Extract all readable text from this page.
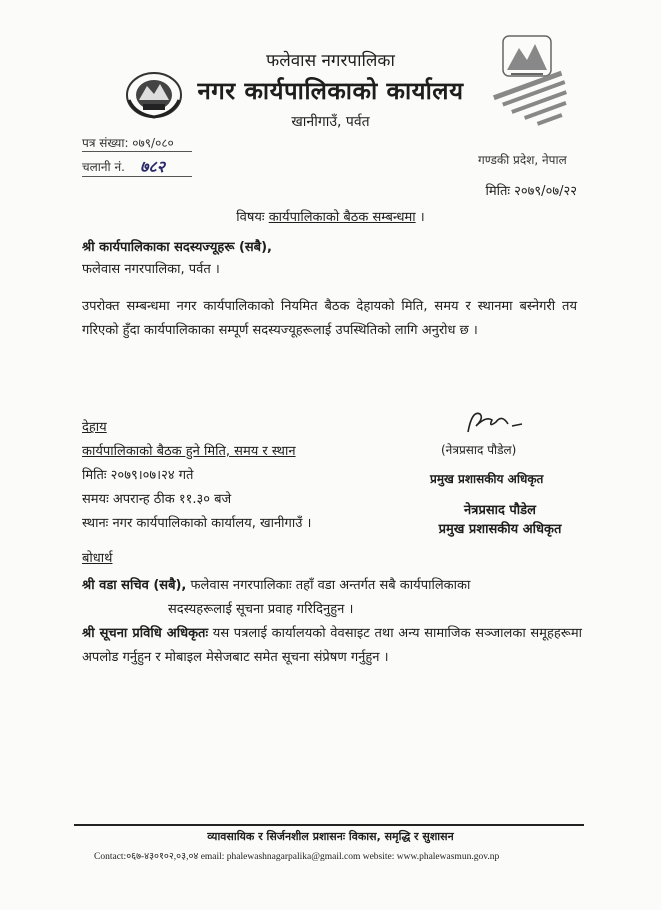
फलेवास नगरपालिका
नगर कार्यपालिकाको कार्यालय
खानीगाउँ, पर्वत
गण्डकी प्रदेश, नेपाल
पत्र संख्या: ०७९/०८०
चलानी नं. ७८२
मितिः २०७९/०७/२२
विषयः कार्यपालिकाको बैठक सम्बन्धमा ।
श्री कार्यपालिकाका सदस्यज्यूहरू (सबै),
फलेवास नगरपालिका, पर्वत ।
उपरोक्त सम्बन्धमा नगर कार्यपालिकाको नियमित बैठक देहायको मिति, समय र स्थानमा बस्नेगरी तय गरिएको हुँदा कार्यपालिकाका सम्पूर्ण सदस्यज्यूहरूलाई उपस्थितिको लागि अनुरोध छ ।
देहाय
कार्यपालिकाको बैठक हुने मिति, समय र स्थान
मितिः २०७९।०७।२४ गते
समयः अपरान्ह ठीक ११.३० बजे
स्थानः नगर कार्यपालिकाको कार्यालय, खानीगाउँ ।
(नेत्रप्रसाद पौडेल)
प्रमुख प्रशासकीय अधिकृत
नेत्रप्रसाद पौडेल
प्रमुख प्रशासकीय अधिकृत
बोधार्थ
श्री वडा सचिव (सबै), फलेवास नगरपालिकाः तहाँ वडा अन्तर्गत सबै कार्यपालिकाका
सदस्यहरूलाई सूचना प्रवाह गरिदिनुहुन ।
श्री सूचना प्रविधि अधिकृतः यस पत्रलाई कार्यालयको वेवसाइट तथा अन्य सामाजिक सञ्जालका समूहहरूमा अपलोड गर्नुहुन र मोबाइल मेसेजबाट समेत सूचना संप्रेषण गर्नुहुन ।
व्यावसायिक र सिर्जनशील प्रशासनः विकास, समृद्धि र सुशासन
Contact:०६७-४३०१०२,०३,०४ email: phalewashnagarpalika@gmail.com website: www.phalewasmun.gov.np
